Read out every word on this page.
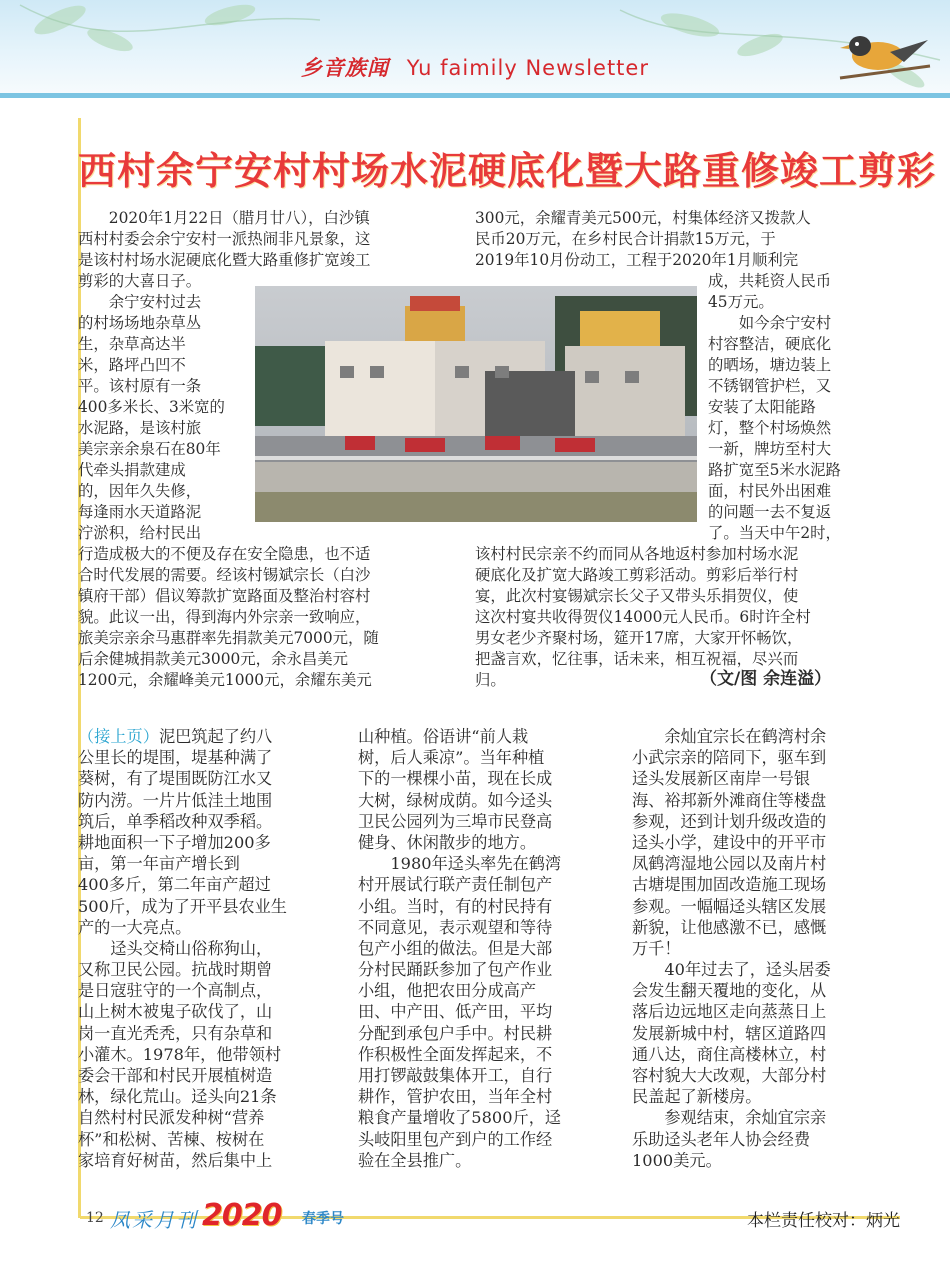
乡音族闻 Yu faimily Newsletter
西村余宁安村村场水泥硬底化暨大路重修竣工剪彩
　　2020年1月22日（腊月廿八），白沙镇
西村村委会余宁安村一派热闹非凡景象，这
是该村村场水泥硬底化暨大路重修扩宽竣工
剪彩的大喜日子。
　　余宁安村过去
的村场场地杂草丛
生，杂草高达半
米，路坪凸凹不
平。该村原有一条
400多米长、3米宽的
水泥路，是该村旅
美宗亲余泉石在80年
代牵头捐款建成
的，因年久失修，
每逢雨水天道路泥
泞淤积，给村民出
行造成极大的不便及存在安全隐患，也不适
合时代发展的需要。经该村锡斌宗长（白沙
镇府干部）倡议筹款扩宽路面及整治村容村
貌。此议一出，得到海内外宗亲一致响应，
旅美宗亲余马惠群率先捐款美元7000元，随
后余健城捐款美元3000元，余永昌美元
1200元，余耀峰美元1000元，余耀东美元
300元，余耀青美元500元，村集体经济又拨款人
民币20万元，在乡村民合计捐款15万元，于
2019年10月份动工，工程于2020年1月顺利完
成，共耗资人民币
45万元。
　　如今余宁安村
村容整洁，硬底化
的晒场，塘边装上
不锈钢管护栏，又
安装了太阳能路
灯，整个村场焕然
一新，牌坊至村大
路扩宽至5米水泥路
面，村民外出困难
的问题一去不复返
了。当天中午2时，
该村村民宗亲不约而同从各地返村参加村场水泥
硬底化及扩宽大路竣工剪彩活动。剪彩后举行村
宴，此次村宴锡斌宗长父子又带头乐捐贺仪，使
这次村宴共收得贺仪14000元人民币。6时许全村
男女老少齐聚村场，筵开17席，大家开怀畅饮，
把盏言欢，忆往事，话未来，相互祝福，尽兴而
归。	（文/图 余连溢）
（接上页）泥巴筑起了约八
公里长的堤围，堤基种满了
葵树，有了堤围既防江水又
防内涝。一片片低洼土地围
筑后，单季稻改种双季稻。
耕地面积一下子增加200多
亩，第一年亩产增长到
400多斤，第二年亩产超过
500斤，成为了开平县农业生
产的一大亮点。
　　迳头交椅山俗称狗山，
又称卫民公园。抗战时期曾
是日寇驻守的一个高制点，
山上树木被鬼子砍伐了，山
岗一直光秃秃，只有杂草和
小灌木。1978年，他带领村
委会干部和村民开展植树造
林，绿化荒山。迳头向21条
自然村村民派发种树“营养
杯”和松树、苦楝、桉树在
家培育好树苗，然后集中上
山种植。俗语讲“前人栽
树，后人乘凉”。当年种植
下的一棵棵小苗，现在长成
大树，绿树成荫。如今迳头
卫民公园列为三埠市民登高
健身、休闲散步的地方。
　　1980年迳头率先在鹤湾
村开展试行联产责任制包产
小组。当时，有的村民持有
不同意见，表示观望和等待
包产小组的做法。但是大部
分村民踊跃参加了包产作业
小组，他把农田分成高产
田、中产田、低产田，平均
分配到承包户手中。村民耕
作积极性全面发挥起来，不
用打锣敲鼓集体开工，自行
耕作，管护农田，当年全村
粮食产量增收了5800斤，迳
头岐阳里包产到户的工作经
验在全县推广。
　　余灿宜宗长在鹤湾村余
小武宗亲的陪同下，驱车到
迳头发展新区南岸一号银
海、裕邦新外滩商住等楼盘
参观，还到计划升级改造的
迳头小学，建设中的开平市
凤鹤湾湿地公园以及南片村
古塘堤围加固改造施工现场
参观。一幅幅迳头辖区发展
新貌，让他感激不已，感慨
万千！
　　40年过去了，迳头居委
会发生翻天覆地的变化，从
落后边远地区走向蒸蒸日上
发展新城中村，辖区道路四
通八达，商住高楼林立，村
容村貌大大改观，大部分村
民盖起了新楼房。
　　参观结束，余灿宜宗亲
乐助迳头老年人协会经费
1000美元。
12 凤采月刊 2020 春季号	本栏责任校对：炳光
